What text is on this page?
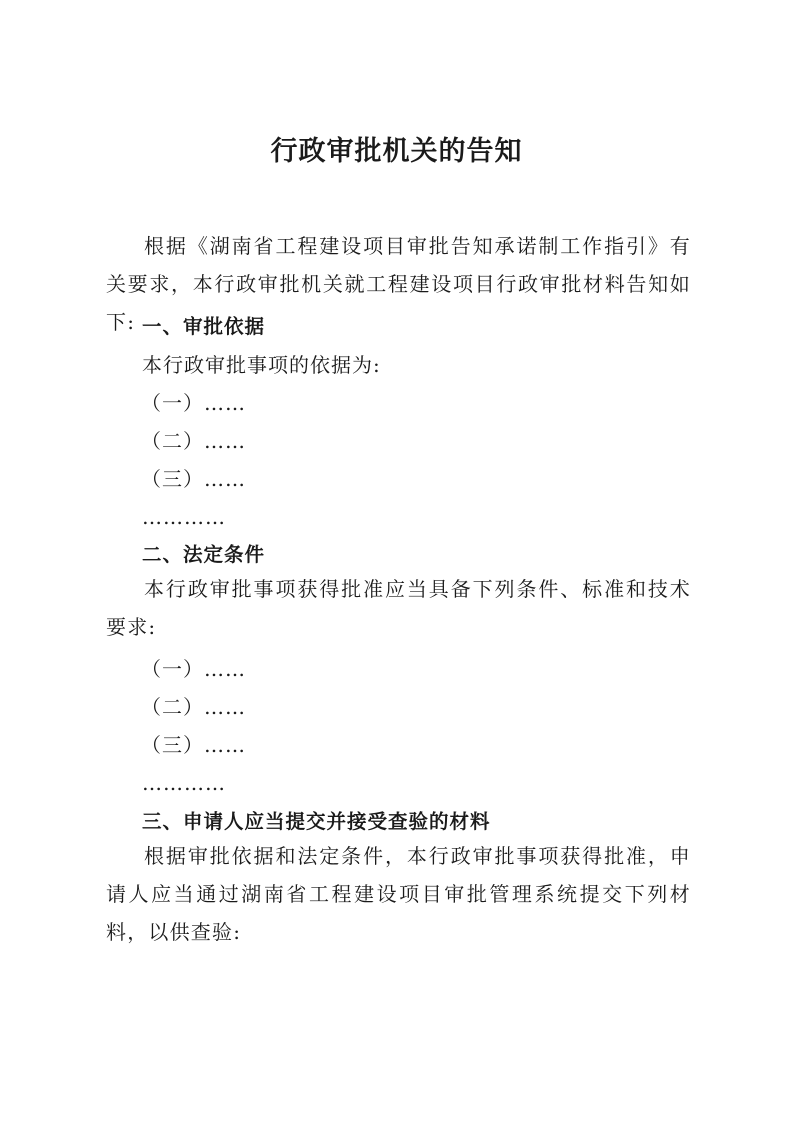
行政审批机关的告知

根据《湖南省工程建设项目审批告知承诺制工作指引》有关要求，本行政审批机关就工程建设项目行政审批材料告知如下: 一、审批依据

本行政审批事项的依据为:

（一）……

（二）……

（三）……

…………

二、法定条件

本行政审批事项获得批准应当具备下列条件、标准和技术要求:

（一）……

（二）……

（三）……

…………

三、申请人应当提交并接受查验的材料

根据审批依据和法定条件，本行政审批事项获得批准，申请人应当通过湖南省工程建设项目审批管理系统提交下列材料，以供查验:
